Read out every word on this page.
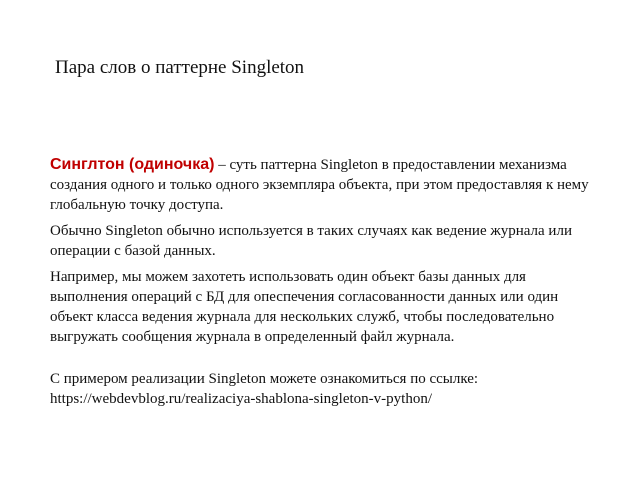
Пара слов о паттерне Singleton

Синглтон (одиночка) – суть паттерна Singleton в предоставлении механизма создания одного и только одного экземпляра объекта, при этом предоставляя к нему глобальную точку доступа.

Обычно Singleton обычно используется в таких случаях как ведение журнала или операции с базой данных.

Например, мы можем захотеть использовать один объект базы данных для выполнения операций с БД для опеспечения согласованности данных или один объект класса ведения журнала для нескольких служб, чтобы последовательно выгружать сообщения журнала в определенный файл журнала.

С примером реализации Singleton можете ознакомиться по ссылке:
https://webdevblog.ru/realizaciya-shablona-singleton-v-python/
